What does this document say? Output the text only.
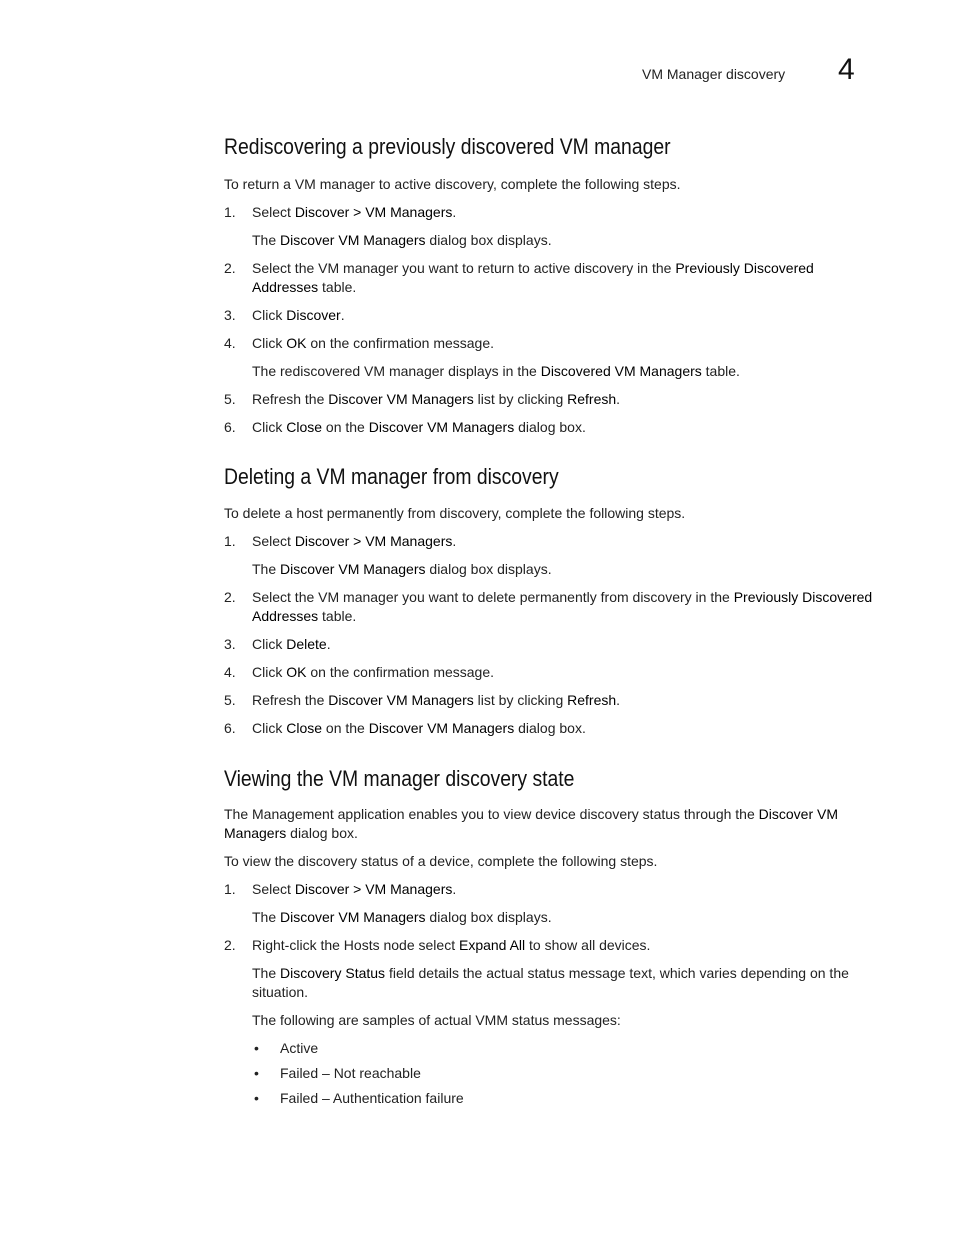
VM Manager discovery 4
Rediscovering a previously discovered VM manager

To return a VM manager to active discovery, complete the following steps.

1. Select Discover > VM Managers.
The Discover VM Managers dialog box displays.
2. Select the VM manager you want to return to active discovery in the Previously Discovered Addresses table.
3. Click Discover.
4. Click OK on the confirmation message.
The rediscovered VM manager displays in the Discovered VM Managers table.
5. Refresh the Discover VM Managers list by clicking Refresh.
6. Click Close on the Discover VM Managers dialog box.
Deleting a VM manager from discovery

To delete a host permanently from discovery, complete the following steps.

1. Select Discover > VM Managers.
The Discover VM Managers dialog box displays.
2. Select the VM manager you want to delete permanently from discovery in the Previously Discovered Addresses table.
3. Click Delete.
4. Click OK on the confirmation message.
5. Refresh the Discover VM Managers list by clicking Refresh.
6. Click Close on the Discover VM Managers dialog box.
Viewing the VM manager discovery state

The Management application enables you to view device discovery status through the Discover VM Managers dialog box.

To view the discovery status of a device, complete the following steps.

1. Select Discover > VM Managers.
The Discover VM Managers dialog box displays.
2. Right-click the Hosts node select Expand All to show all devices.
The Discovery Status field details the actual status message text, which varies depending on the situation.
The following are samples of actual VMM status messages:
• Active
• Failed – Not reachable
• Failed – Authentication failure
